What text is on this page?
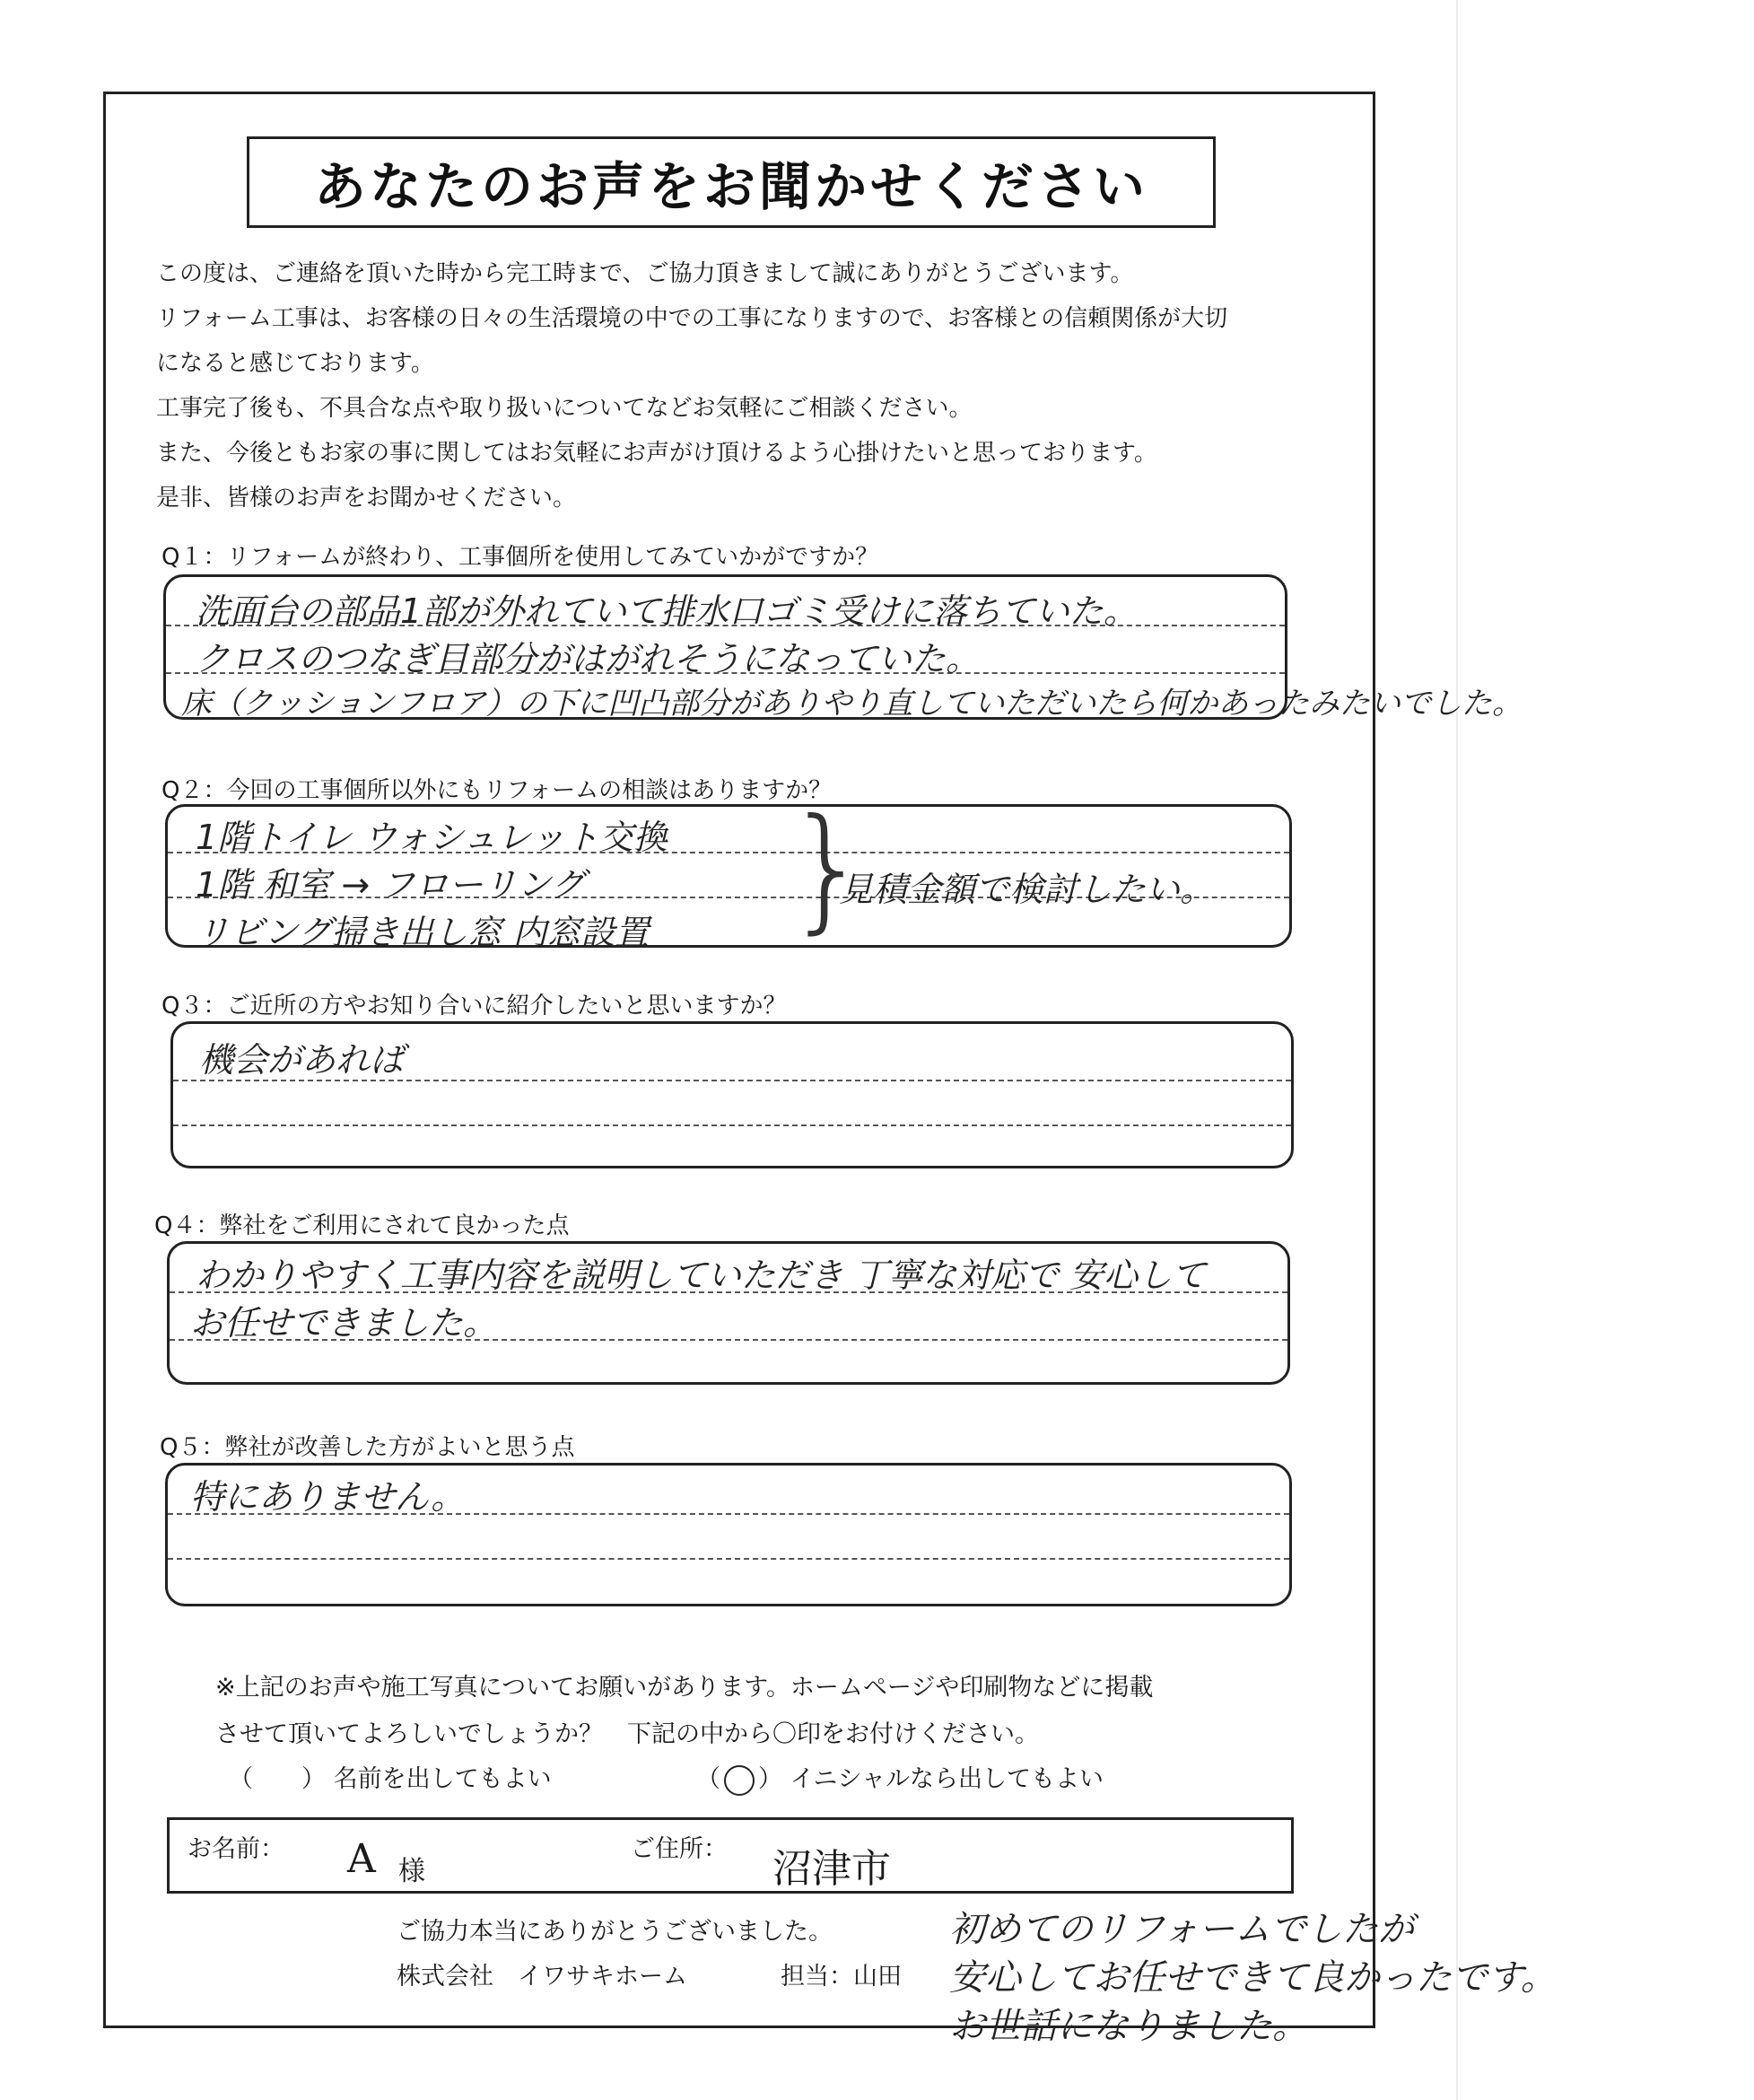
あなたのお声をお聞かせください
この度は、ご連絡を頂いた時から完工時まで、ご協力頂きまして誠にありがとうございます。
リフォーム工事は、お客様の日々の生活環境の中での工事になりますので、お客様との信頼関係が大切
になると感じております。
工事完了後も、不具合な点や取り扱いについてなどお気軽にご相談ください。
また、今後ともお家の事に関してはお気軽にお声がけ頂けるよう心掛けたいと思っております。
是非、皆様のお声をお聞かせください。
Q１：リフォームが終わり、工事個所を使用してみていかがですか？
洗面台の部品1部が外れていて排水口ゴミ受けに落ちていた。
クロスのつなぎ目部分がはがれそうになっていた。
床（クッションフロア）の下に凹凸部分がありやり直していただいたら何かあったみたいでした。
Q２：今回の工事個所以外にもリフォームの相談はありますか？
1階トイレ ウォシュレット交換
1階 和室 → フローリング
リビング掃き出し窓 内窓設置 }
見積金額で検討したい。
Q３：ご近所の方やお知り合いに紹介したいと思いますか？
機会があれば
Q４：弊社をご利用にされて良かった点
わかりやすく工事内容を説明していただき 丁寧な対応で 安心して
お任せできました。
Q５：弊社が改善した方がよいと思う点
特にありません。
※上記のお声や施工写真についてお願いがあります。ホームページや印刷物などに掲載
させて頂いてよろしいでしょうか？　下記の中から〇印をお付けください。
（　　） 名前を出してもよい	（ ） イニシャルなら出してもよい
お名前： A 様
ご住所： 沼津市
ご協力本当にありがとうございました。
株式会社　イワサキホーム	担当：山田
初めてのリフォームでしたが
安心してお任せできて良かったです。
お世話になりました。
